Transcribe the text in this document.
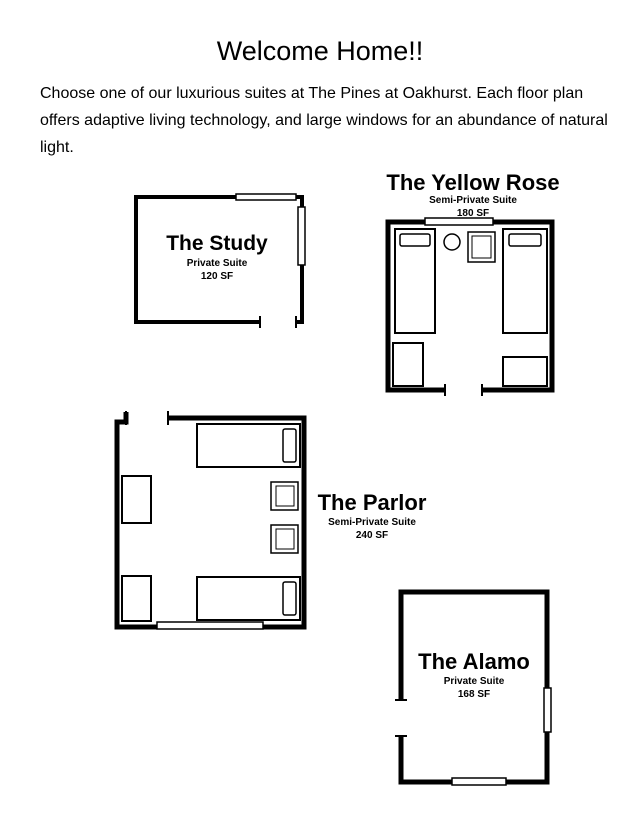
Welcome Home!!
Choose one of our luxurious suites at The Pines at Oakhurst. Each floor plan offers adaptive living technology, and large windows for an abundance of natural light.
The Study
Private Suite
120 SF
The Yellow Rose
Semi-Private Suite
180 SF
The Parlor
Semi-Private Suite
240 SF
The Alamo
Private Suite
168 SF
